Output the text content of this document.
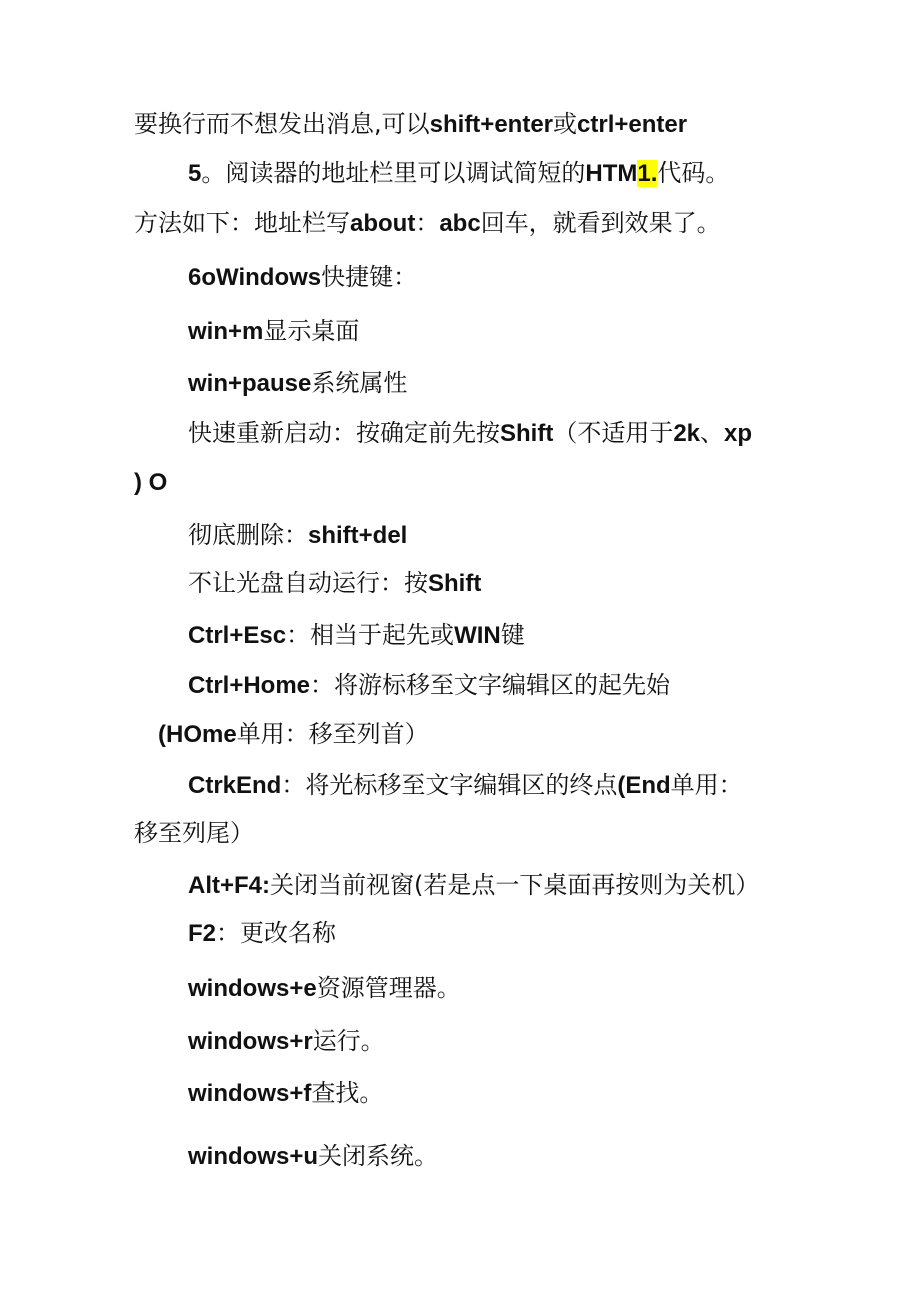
要换行而不想发出消息,可以shift+enter或ctrl+enter
5。阅读器的地址栏里可以调试简短的HTM1.代码。
方法如下：地址栏写about：abc回车，就看到效果了。
6oWindows快捷键：
win+m显示桌面
win+pause系统属性
快速重新启动：按确定前先按Shift（不适用于2k、xp
) O
彻底删除：shift+del
不让光盘自动运行：按Shift
Ctrl+Esc：相当于起先或WIN键
Ctrl+Home：将游标移至文字编辑区的起先始
(HOme单用：移至列首）
CtrkEnd：将光标移至文字编辑区的终点(End单用：
移至列尾）
Alt+F4:关闭当前视窗(若是点一下桌面再按则为关机）
F2：更改名称
windows+e资源管理器。
windows+r运行。
windows+f查找。
windows+u关闭系统。
